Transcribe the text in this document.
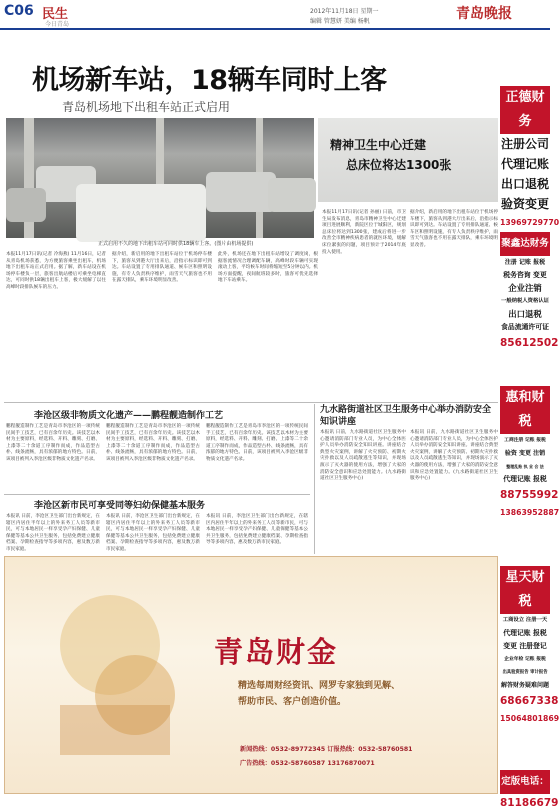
C06 民生
今日青岛
2012年11月18日 星期一
编辑 管慧妍 美编 杨帆	青岛晚报
机场新车站，18辆车同时上客
青岛机场地下出租车站正式启用
正式启用不久的地下出租车站可同时供18辆车上客。(图片由机场提供)
精神卫生中心迁建
总床位将达1300张
本报11月17日讯(记者 冷海燕) 11月16日，记者从青岛机场获悉，为方便旅客乘坐出租车，机场地下出租车站正式启用。据了解，新车站设在机场停车楼负一层，旅客出航站楼后可乘坐电梯直达，可同时供18辆出租车上客，极大缓解了以往高峰时段排队候车的压力。
据介绍，新启用的地下出租车站位于机场停车楼下，旅客从到港大厅出来后，沿指示标识即可到达。车站设置了专用排队通道、候车区和照明设施，有专人负责秩序维护，雨雪天气旅客也不用在露天排队，乘车环境明显改善。
此外，机场还在地下出租车站增设了调度岗，根据客流情况合理调配车辆，高峰时段车辆可实现滚动上客，平均候车时间将缩短至5分钟以内。机场方面提醒，夜间航班较多时，旅客可优先选择地下车站乘车。
本报11月17日讯(记者 孙丽) 日前，市卫生局发布消息，青岛市精神卫生中心迁建项目进展顺利，新院区位于城阳区，规划总床位将达到1300张，建成后将进一步改善全市精神疾病患者的就医环境，缓解床位紧张的问题，项目预计于2014年底投入使用。
据介绍，新启用的地下出租车站位于机场停车楼下，旅客从到港大厅出来后，沿指示标识即可到达。车站设置了专用排队通道、候车区和照明设施，有专人负责秩序维护，雨雪天气旅客也不用在露天排队，乘车环境明显改善。
李沧区级非物质文化遗产——鹏程靓造制作工艺
鹏程靓造制作工艺是青岛市李沧区的一项传统民间手工技艺，已有百余年历史。该技艺以木材为主要原料，经选料、开料、雕刻、打磨、上漆等二十余道工序制作而成，作品造型古朴、线条流畅，具有浓郁的地方特色。日前，该项目被列入李沧区级非物质文化遗产名录。
鹏程靓造制作工艺是青岛市李沧区的一项传统民间手工技艺，已有百余年历史。该技艺以木材为主要原料，经选料、开料、雕刻、打磨、上漆等二十余道工序制作而成，作品造型古朴、线条流畅，具有浓郁的地方特色。日前，该项目被列入李沧区级非物质文化遗产名录。
鹏程靓造制作工艺是青岛市李沧区的一项传统民间手工技艺，已有百余年历史。该技艺以木材为主要原料，经选料、开料、雕刻、打磨、上漆等二十余道工序制作而成，作品造型古朴、线条流畅，具有浓郁的地方特色。日前，该项目被列入李沧区级非物质文化遗产名录。
李沧区新市民可享受同等妇幼保健基本服务
本报讯 日前，李沧区卫生部门出台新规定，在辖区内居住半年以上的外来务工人员等新市民，可与本地居民一样享受孕产妇保健、儿童保健等基本公共卫生服务，包括免费建立健康档案、孕期检查指导等多项内容，惠及数万新市民家庭。
本报讯 日前，李沧区卫生部门出台新规定，在辖区内居住半年以上的外来务工人员等新市民，可与本地居民一样享受孕产妇保健、儿童保健等基本公共卫生服务，包括免费建立健康档案、孕期检查指导等多项内容，惠及数万新市民家庭。
本报讯 日前，李沧区卫生部门出台新规定，在辖区内居住半年以上的外来务工人员等新市民，可与本地居民一样享受孕产妇保健、儿童保健等基本公共卫生服务，包括免费建立健康档案、孕期检查指导等多项内容，惠及数万新市民家庭。
九水路街道社区卫生服务中心举办消防安全知识讲座
本报讯 日前，九水路街道社区卫生服务中心邀请消防部门专业人员，为中心全体医护人员举办消防安全知识讲座。讲座结合典型火灾案例，讲解了火灾预防、初期火灾扑救以及人员疏散逃生等知识，并现场演示了灭火器的使用方法，增强了大家的消防安全意识和应急处置能力。(九水路街道社区卫生服务中心)
本报讯 日前，九水路街道社区卫生服务中心邀请消防部门专业人员，为中心全体医护人员举办消防安全知识讲座。讲座结合典型火灾案例，讲解了火灾预防、初期火灾扑救以及人员疏散逃生等知识，并现场演示了灭火器的使用方法，增强了大家的消防安全意识和应急处置能力。(九水路街道社区卫生服务中心)
青岛财金
精选每周财经资讯、网罗专家独到见解、
帮助市民、客户创造价值。
新闻热线：0532-89772345 订报热线：0532-58760581
广告热线：0532-58760587 13176870071
正德财务
注册公司
代理记账
出口退税
验资变更
13969729770
聚鑫达财务
注册 记账 报税
税务咨询 变更
企业注销
一般纳税人资格认证
出口退税
食品流通许可证
85612502
惠和财税
工商注册 记账 报税
验资 变更 注销
整理乱账 执 业 合 法
代理记账 报税
88755992
13863952887
星天财税
工商设立 注册一天
代理记账 报税
变更 注册登记
企业年检 记账 报税
出具验资报告 审计报告
解答财务疑难问题
68667338
15064801869
定版电话：
81186679
